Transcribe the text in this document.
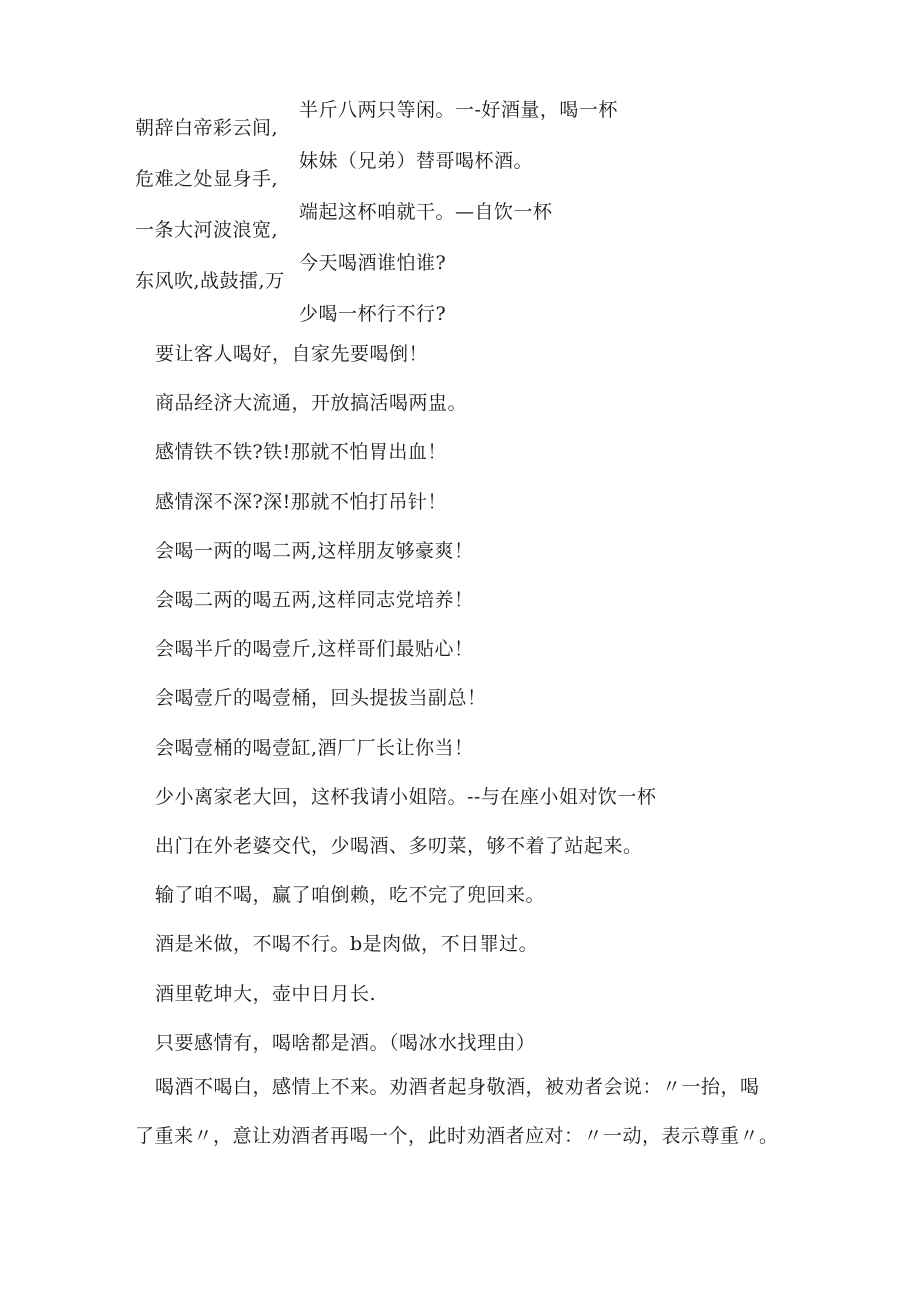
朝辞白帝彩云间,
危难之处显身手,
一条大河波浪宽,
东风吹,战鼓擂,万
半斤八两只等闲。一-好酒量，喝一杯
妹妹（兄弟）替哥喝杯酒。
端起这杯咱就干。—自饮一杯
今天喝酒谁怕谁?
少喝一杯行不行?
要让客人喝好，自家先要喝倒！
商品经济大流通，开放搞活喝两盅。
感情铁不铁?铁!那就不怕胃出血！
感情深不深?深!那就不怕打吊针！
会喝一两的喝二两,这样朋友够豪爽！
会喝二两的喝五两,这样同志党培养！
会喝半斤的喝壹斤,这样哥们最贴心！
会喝壹斤的喝壹桶，回头提拔当副总！
会喝壹桶的喝壹缸,酒厂厂长让你当！
少小离家老大回，这杯我请小姐陪。--与在座小姐对饮一杯
出门在外老婆交代，少喝酒、多叨菜，够不着了站起来。
输了咱不喝，赢了咱倒赖，吃不完了兜回来。
酒是米做，不喝不行。b是肉做，不日罪过。
酒里乾坤大，壶中日月长.
只要感情有，喝啥都是酒。（喝冰水找理由）
喝酒不喝白，感情上不来。劝酒者起身敬酒，被劝者会说：〃一抬，喝
了重来〃，意让劝酒者再喝一个，此时劝酒者应对：〃一动，表示尊重〃。
